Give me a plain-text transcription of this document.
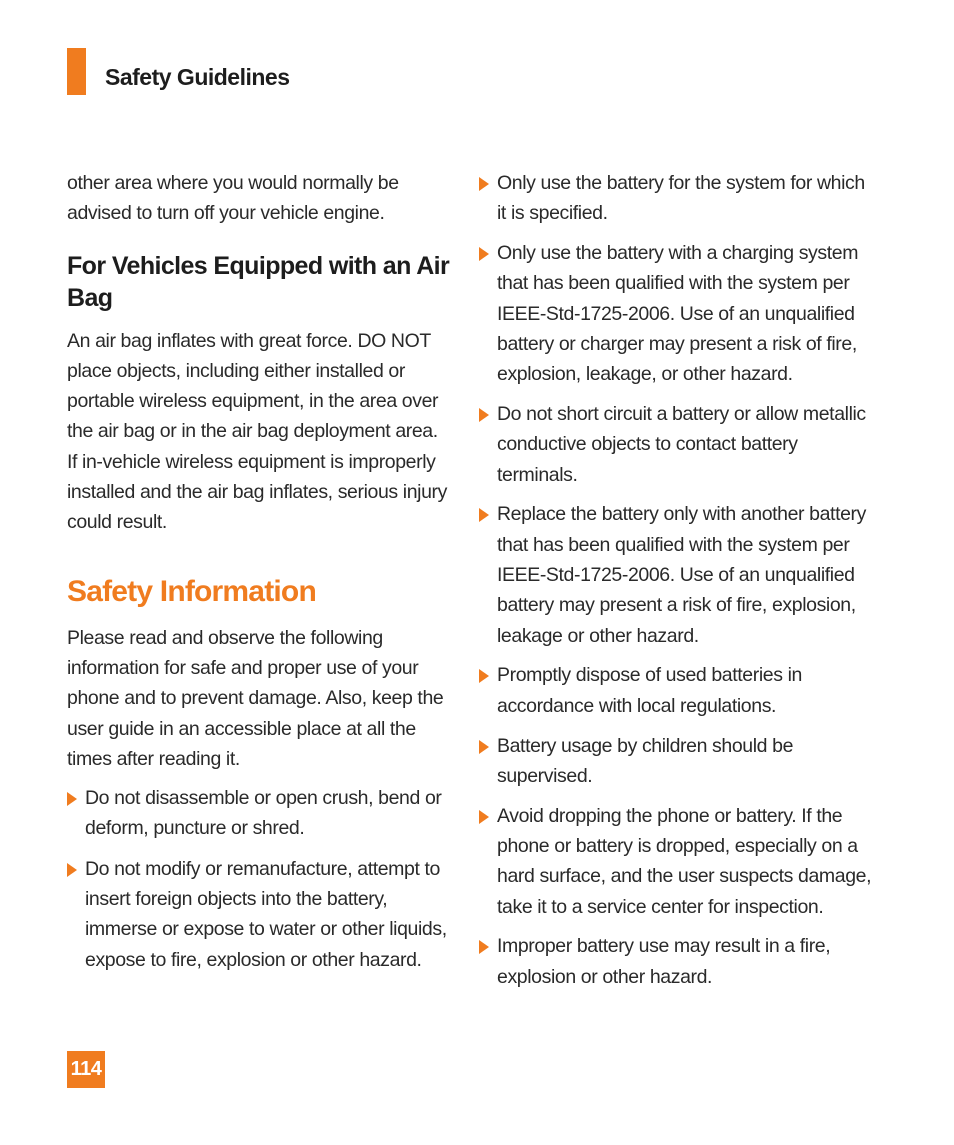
Safety Guidelines

other area where you would normally be advised to turn off your vehicle engine.

For Vehicles Equipped with an Air Bag

An air bag inflates with great force. DO NOT place objects, including either installed or portable wireless equipment, in the area over the air bag or in the air bag deployment area. If in-vehicle wireless equipment is improperly installed and the air bag inflates, serious injury could result.

Safety Information

Please read and observe the following information for safe and proper use of your phone and to prevent damage. Also, keep the user guide in an accessible place at all the times after reading it.

Do not disassemble or open crush, bend or deform, puncture or shred.
Do not modify or remanufacture, attempt to insert foreign objects into the battery, immerse or expose to water or other liquids, expose to fire, explosion or other hazard.
Only use the battery for the system for which it is specified.
Only use the battery with a charging system that has been qualified with the system per IEEE-Std-1725-2006. Use of an unqualified battery or charger may present a risk of fire, explosion, leakage, or other hazard.
Do not short circuit a battery or allow metallic conductive objects to contact battery terminals.
Replace the battery only with another battery that has been qualified with the system per IEEE-Std-1725-2006. Use of an unqualified battery may present a risk of fire, explosion, leakage or other hazard.
Promptly dispose of used batteries in accordance with local regulations.
Battery usage by children should be supervised.
Avoid dropping the phone or battery. If the phone or battery is dropped, especially on a hard surface, and the user suspects damage, take it to a service center for inspection.
Improper battery use may result in a fire, explosion or other hazard.
114
